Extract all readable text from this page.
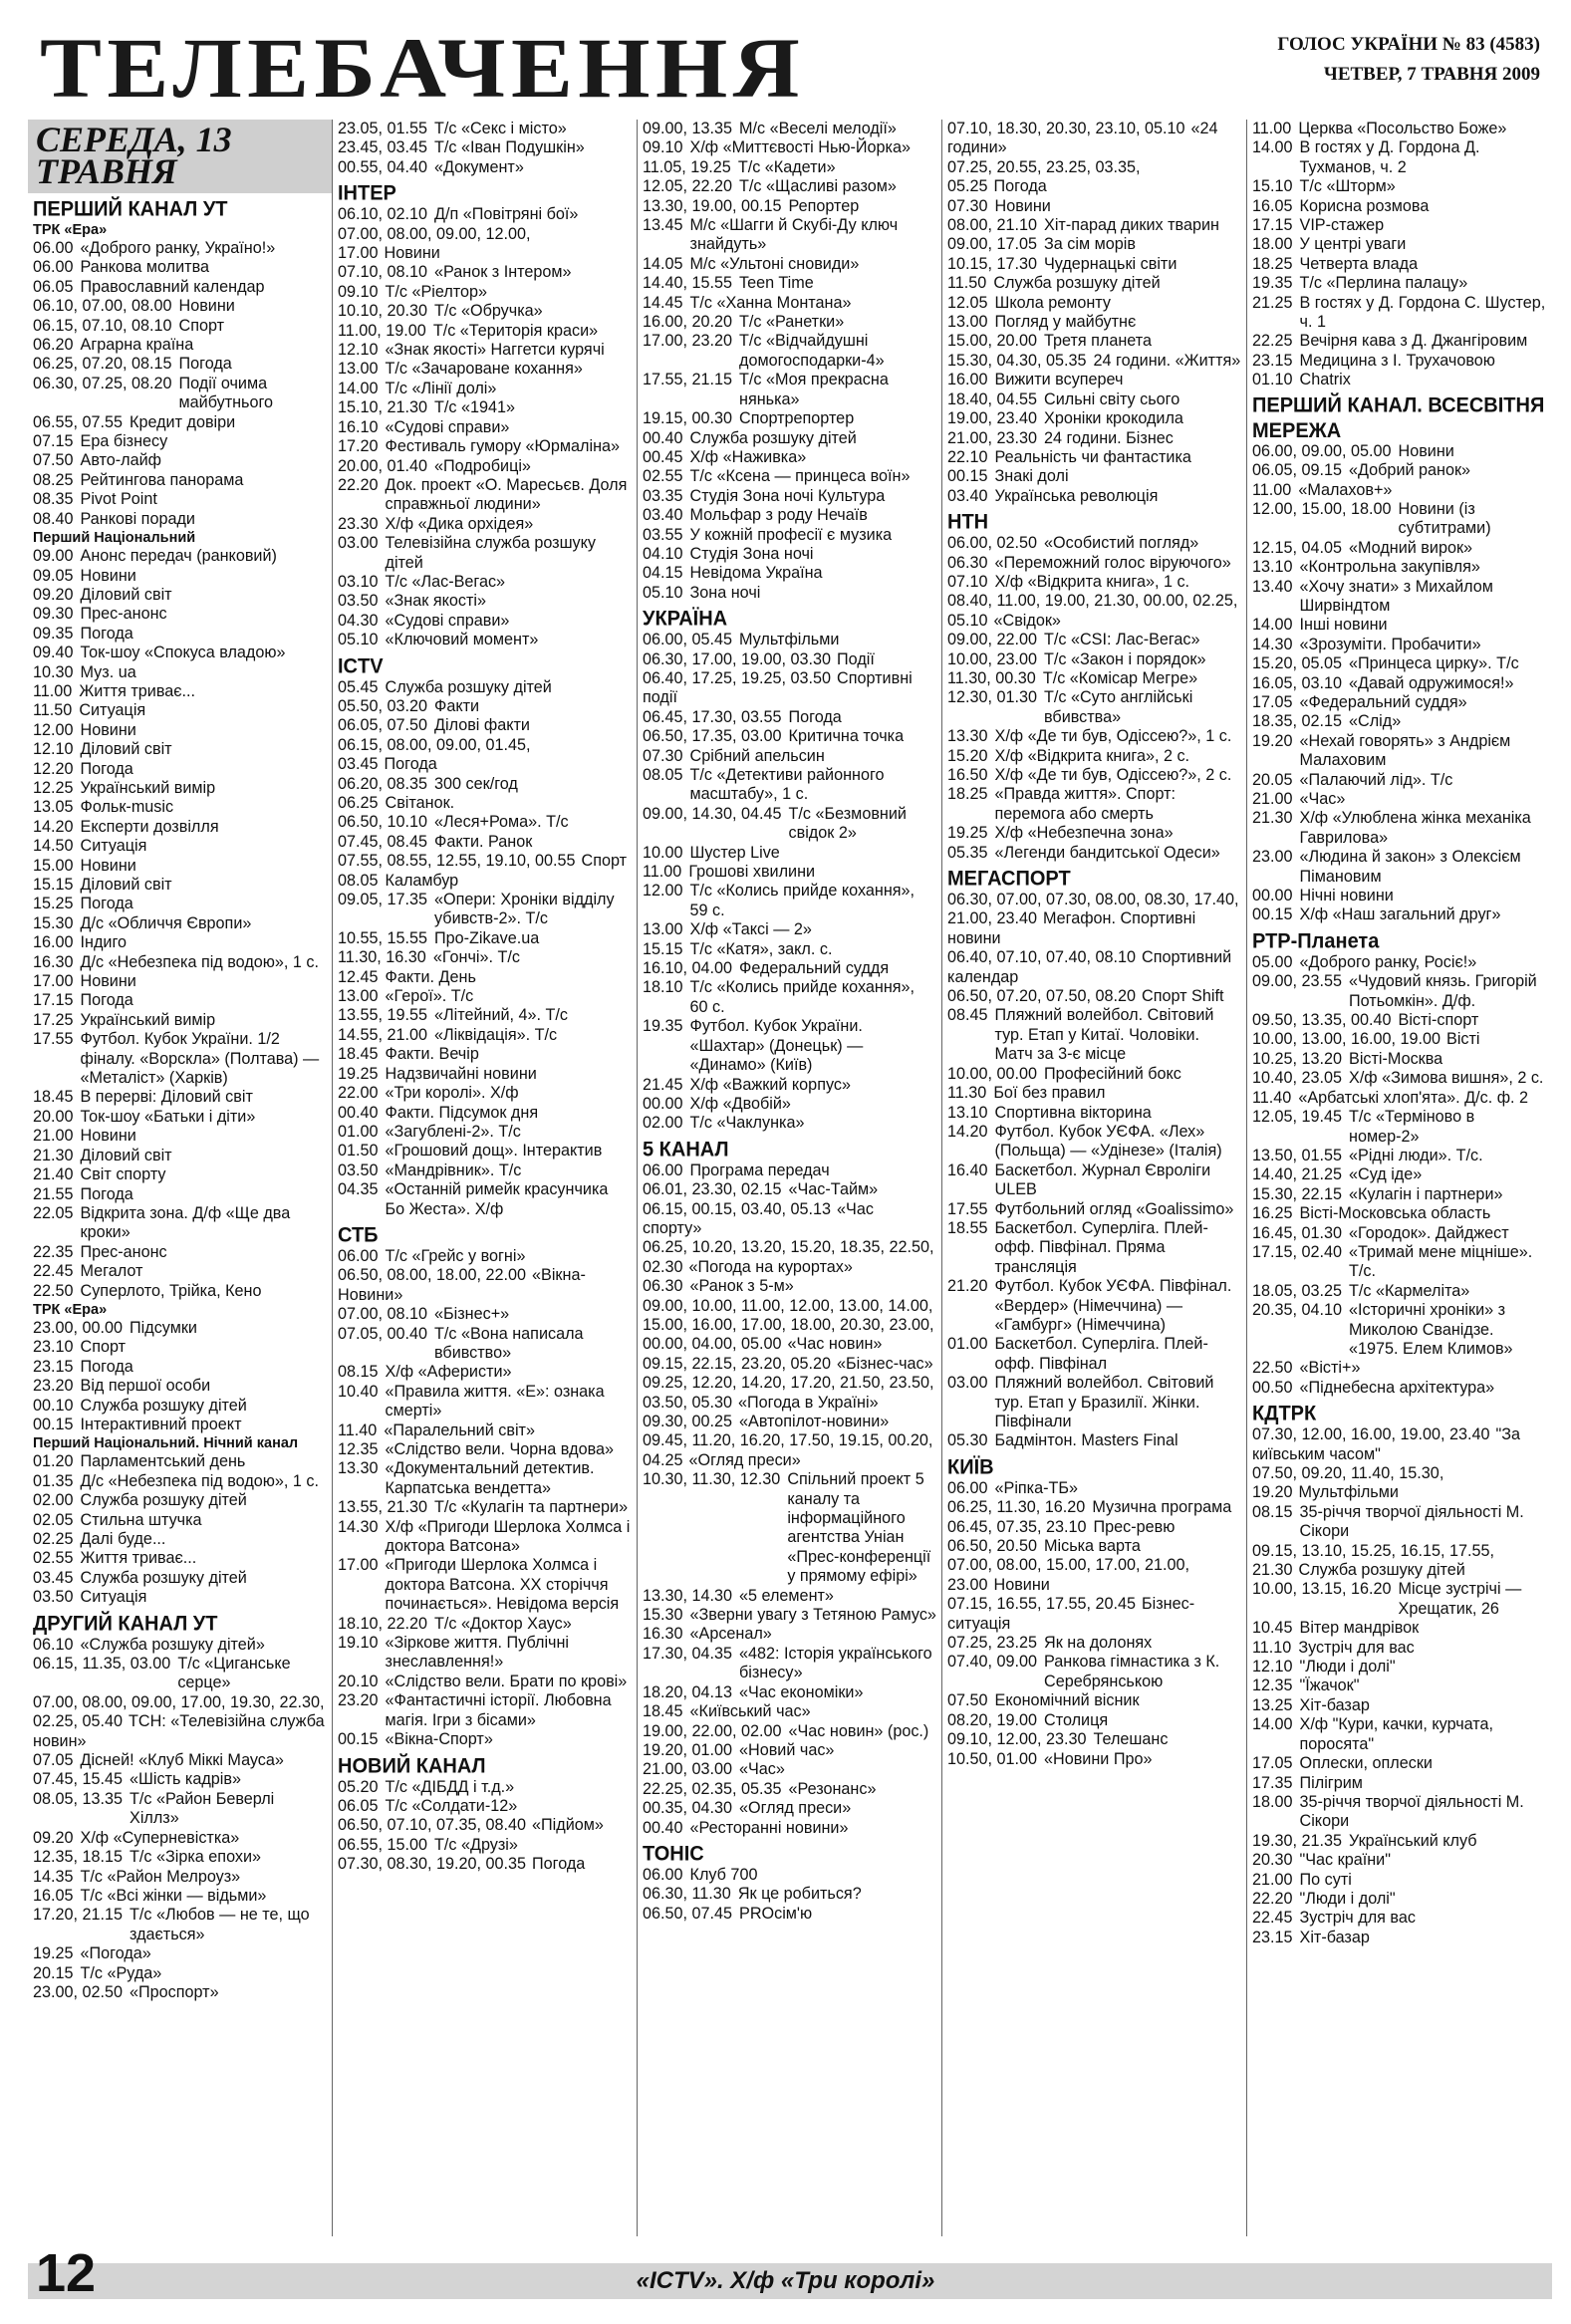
ТЕЛЕБАЧЕННЯ	ГОЛОС УКРАЇНИ № 83 (4583)
ЧЕТВЕР, 7 ТРАВНЯ 2009
СЕРЕДА, 13 ТРАВНЯ
ПЕРШИЙ КАНАЛ УТ
ТРК «Ера»
06.00 «Доброго ранку, Україно!»
06.00 Ранкова молитва
06.05 Православний календар
06.10, 07.00, 08.00 Новини
06.15, 07.10, 08.10 Спорт
06.20 Аграрна країна
06.25, 07.20, 08.15 Погода
06.30, 07.25, 08.20 Події очима майбутнього
06.55, 07.55 Кредит довіри
07.15 Ера бізнесу
07.50 Авто-лайф
08.25 Рейтингова панорама
08.35 Pivot Point
08.40 Ранкові поради
Перший Національний
09.00 Анонс передач (ранковий)
09.05 Новини
09.20 Діловий світ
09.30 Прес-анонс
09.35 Погода
09.40 Ток-шоу «Спокуса владою»
10.30 Муз. ua
11.00 Життя триває...
11.50 Ситуація
12.00 Новини
12.10 Діловий світ
12.20 Погода
12.25 Український вимір
13.05 Фольк-music
14.20 Експерти дозвілля
14.50 Ситуація
15.00 Новини
15.15 Діловий світ
15.25 Погода
15.30 Д/с «Обличчя Європи»
16.00 Індиго
16.30 Д/с «Небезпека під водою», 1 с.
17.00 Новини
17.15 Погода
17.25 Український вимір
17.55 Футбол. Кубок України. 1/2 фіналу. «Ворскла» (Полтава) — «Металіст» (Харків)
18.45 В перерві: Діловий світ
20.00 Ток-шоу «Батьки і діти»
21.00 Новини
21.30 Діловий світ
21.40 Світ спорту
21.55 Погода
22.05 Відкрита зона. Д/ф «Ще два кроки»
22.35 Прес-анонс
22.45 Мегалот
22.50 Суперлото, Трійка, Кено
ТРК «Ера»
23.00, 00.00 Підсумки
23.10 Спорт
23.15 Погода
23.20 Від першої особи
00.10 Служба розшуку дітей
00.15 Інтерактивний проект
Перший Національний. Нічний канал
01.20 Парламентський день
01.35 Д/с «Небезпека під водою», 1 с.
02.00 Служба розшуку дітей
02.05 Стильна штучка
02.25 Далі буде...
02.55 Життя триває...
03.45 Служба розшуку дітей
03.50 Ситуація
ДРУГИЙ КАНАЛ УТ
06.10 «Служба розшуку дітей»
06.15, 11.35, 03.00 Т/с «Циганське серце»
07.00, 08.00, 09.00, 17.00, 19.30, 22.30, 02.25, 05.40 ТСН: «Телевізійна служба новин»
07.05 Дісней! «Клуб Міккі Мауса»
07.45, 15.45 «Шість кадрів»
08.05, 13.35 Т/с «Район Беверлі Хіллз»
09.20 Х/ф «Суперневістка»
12.35, 18.15 Т/с «Зірка епохи»
14.35 Т/с «Район Мелроуз»
16.05 Т/с «Всі жінки — відьми»
17.20, 21.15 Т/с «Любов — не те, що здається»
19.25 «Погода»
20.15 Т/с «Руда»
23.00, 02.50 «Проспорт»
23.05, 01.55 Т/с «Секс і місто»
23.45, 03.45 Т/с «Іван Подушкін»
00.55, 04.40 «Документ»
ІНТЕР
06.10, 02.10 Д/п «Повітряні бої»
07.00, 08.00, 09.00, 12.00, 17.00 Новини
07.10, 08.10 «Ранок з Інтером»
09.10 Т/с «Ріелтор»
10.10, 20.30 Т/с «Обручка»
11.00, 19.00 Т/с «Територія краси»
12.10 «Знак якості» Наггетси курячі
13.00 Т/с «Зачароване кохання»
14.00 Т/с «Лінії долі»
15.10, 21.30 Т/с «1941»
16.10 «Судові справи»
17.20 Фестиваль гумору «Юрмаліна»
20.00, 01.40 «Подробиці»
22.20 Док. проект «О. Маресьєв. Доля справжньої людини»
23.30 Х/ф «Дика орхідея»
03.00 Телевізійна служба розшуку дітей
03.10 Т/с «Лас-Вегас»
03.50 «Знак якості»
04.30 «Судові справи»
05.10 «Ключовий момент»
ICTV
05.45 Служба розшуку дітей
05.50, 03.20 Факти
06.05, 07.50 Ділові факти
06.15, 08.00, 09.00, 01.45, 03.45 Погода
06.20, 08.35 300 сек/год
06.25 Світанок.
06.50, 10.10 «Леся+Рома». Т/с
07.45, 08.45 Факти. Ранок
07.55, 08.55, 12.55, 19.10, 00.55 Спорт
08.05 Каламбур
09.05, 17.35 «Опери: Хроніки відділу убивств-2». Т/с
10.55, 15.55 Про-Zikave.ua
11.30, 16.30 «Гончі». Т/с
12.45 Факти. День
13.00 «Герої». Т/с
13.55, 19.55 «Літейний, 4». Т/с
14.55, 21.00 «Ліквідація». Т/с
18.45 Факти. Вечір
19.25 Надзвичайні новини
22.00 «Три королі». Х/ф
00.40 Факти. Підсумок дня
01.00 «Загублені-2». Т/с
01.50 «Грошовий дощ». Інтерактив
03.50 «Мандрівник». Т/с
04.35 «Останній римейк красунчика Бо Жеста». Х/ф
СТБ
06.00 Т/с «Грейс у вогні»
06.50, 08.00, 18.00, 22.00 «Вікна-Новини»
07.00, 08.10 «Бізнес+»
07.05, 00.40 Т/с «Вона написала вбивство»
08.15 Х/ф «Аферисти»
10.40 «Правила життя. «Е»: ознака смерті»
11.40 «Паралельний світ»
12.35 «Слідство вели. Чорна вдова»
13.30 «Документальний детектив. Карпатська вендетта»
13.55, 21.30 Т/с «Кулагін та партнери»
14.30 Х/ф «Пригоди Шерлока Холмса і доктора Ватсона»
17.00 «Пригоди Шерлока Холмса і доктора Ватсона. XX сторіччя починається». Невідома версія
18.10, 22.20 Т/с «Доктор Хаус»
19.10 «Зіркове життя. Публічні знеславлення!»
20.10 «Слідство вели. Брати по крові»
23.20 «Фантастичні історії. Любовна магія. Ігри з бісами»
00.15 «Вікна-Спорт»
НОВИЙ КАНАЛ
05.20 Т/с «ДІБДД і т.д.»
06.05 Т/с «Солдати-12»
06.50, 07.10, 07.35, 08.40 «Підйом»
06.55, 15.00 Т/с «Друзі»
07.30, 08.30, 19.20, 00.35 Погода
09.00, 13.35 М/с «Веселі мелодії»
09.10 Х/ф «Миттєвості Нью-Йорка»
11.05, 19.25 Т/с «Кадети»
12.05, 22.20 Т/с «Щасливі разом»
13.30, 19.00, 00.15 Репортер
13.45 М/с «Шагги й Скубі-Ду ключ знайдуть»
14.05 М/с «Ультоні сновиди»
14.40, 15.55 Teen Time
14.45 Т/с «Ханна Монтана»
16.00, 20.20 Т/с «Ранетки»
17.00, 23.20 Т/с «Відчайдушні домогосподарки-4»
17.55, 21.15 Т/с «Моя прекрасна нянька»
19.15, 00.30 Спортрепортер
00.40 Служба розшуку дітей
00.45 Х/ф «Наживка»
02.55 Т/с «Ксена — принцеса воїн»
03.35 Студія Зона ночі Культура
03.40 Мольфар з роду Нечаїв
03.55 У кожній професії є музика
04.10 Студія Зона ночі
04.15 Невідома Україна
05.10 Зона ночі
УКРАЇНА
06.00, 05.45 Мультфільми
06.30, 17.00, 19.00, 03.30 Події
06.40, 17.25, 19.25, 03.50 Спортивні події
06.45, 17.30, 03.55 Погода
06.50, 17.35, 03.00 Критична точка
07.30 Срібний апельсин
08.05 Т/с «Детективи районного масштабу», 1 с.
09.00, 14.30, 04.45 Т/с «Безмовний свідок 2»
10.00 Шустер Live
11.00 Грошові хвилини
12.00 Т/с «Колись прийде кохання», 59 с.
13.00 Х/ф «Таксі — 2»
15.15 Т/с «Катя», закл. с.
16.10, 04.00 Федеральний суддя
18.10 Т/с «Колись прийде кохання», 60 с.
19.35 Футбол. Кубок України. «Шахтар» (Донецьк) — «Динамо» (Київ)
21.45 Х/ф «Важкий корпус»
00.00 Х/ф «Двобій»
02.00 Т/с «Чаклунка»
5 КАНАЛ
06.00 Програма передач
06.01, 23.30, 02.15 «Час-Тайм»
06.15, 00.15, 03.40, 05.13 «Час спорту»
06.25, 10.20, 13.20, 15.20, 18.35, 22.50, 02.30 «Погода на курортах»
06.30 «Ранок з 5-м»
09.00, 10.00, 11.00, 12.00, 13.00, 14.00, 15.00, 16.00, 17.00, 18.00, 20.30, 23.00, 00.00, 04.00, 05.00 «Час новин»
09.15, 22.15, 23.20, 05.20 «Бізнес-час»
09.25, 12.20, 14.20, 17.20, 21.50, 23.50, 03.50, 05.30 «Погода в Україні»
09.30, 00.25 «Автопілот-новини»
09.45, 11.20, 16.20, 17.50, 19.15, 00.20, 04.25 «Огляд преси»
10.30, 11.30, 12.30 Спільний проект 5 каналу та інформаційного агентства Уніан «Прес-конференції у прямому ефірі»
13.30, 14.30 «5 елемент»
15.30 «Зверни увагу з Тетяною Рамус»
16.30 «Арсенал»
17.30, 04.35 «482: Історія українського бізнесу»
18.20, 04.13 «Час економіки»
18.45 «Київський час»
19.00, 22.00, 02.00 «Час новин» (рос.)
19.20, 01.00 «Новий час»
21.00, 03.00 «Час»
22.25, 02.35, 05.35 «Резонанс»
00.35, 04.30 «Огляд преси»
00.40 «Ресторанні новини»
ТОНІС
06.00 Клуб 700
06.30, 11.30 Як це робиться?
06.50, 07.45 PROсім'ю
07.10, 18.30, 20.30, 23.10, 05.10 «24 години»
07.25, 20.55, 23.25, 03.35, 05.25 Погода
07.30 Новини
08.00, 21.10 Хіт-парад диких тварин
09.00, 17.05 За сім морів
10.15, 17.30 Чудернацькі світи
11.50 Служба розшуку дітей
12.05 Школа ремонту
13.00 Погляд у майбутнє
15.00, 20.00 Третя планета
15.30, 04.30, 05.35 24 години. «Життя»
16.00 Вижити всупереч
18.40, 04.55 Сильні світу сього
19.00, 23.40 Хроніки крокодила
21.00, 23.30 24 години. Бізнес
22.10 Реальність чи фантастика
00.15 Знакі долі
03.40 Українська революція
НТН
06.00, 02.50 «Особистий погляд»
06.30 «Переможний голос віруючого»
07.10 Х/ф «Відкрита книга», 1 с.
08.40, 11.00, 19.00, 21.30, 00.00, 02.25, 05.10 «Свідок»
09.00, 22.00 Т/с «CSI: Лас-Вегас»
10.00, 23.00 Т/с «Закон і порядок»
11.30, 00.30 Т/с «Комісар Мегре»
12.30, 01.30 Т/с «Суто англійські вбивства»
13.30 Х/ф «Де ти був, Одіссею?», 1 с.
15.20 Х/ф «Відкрита книга», 2 с.
16.50 Х/ф «Де ти був, Одіссею?», 2 с.
18.25 «Правда життя». Спорт: перемога або смерть
19.25 Х/ф «Небезпечна зона»
05.35 «Легенди бандитської Одеси»
МЕГАСПОРТ
06.30, 07.00, 07.30, 08.00, 08.30, 17.40, 21.00, 23.40 Мегафон. Спортивні новини
06.40, 07.10, 07.40, 08.10 Спортивний календар
06.50, 07.20, 07.50, 08.20 Спорт Shift
08.45 Пляжний волейбол. Світовий тур. Етап у Китаї. Чоловіки. Матч за 3-є місце
10.00, 00.00 Професійний бокс
11.30 Бої без правил
13.10 Спортивна вікторина
14.20 Футбол. Кубок УЄФА. «Лех» (Польща) — «Удінезе» (Італія)
16.40 Баскетбол. Журнал Євроліги ULEB
17.55 Футбольний огляд «Goalissimo»
18.55 Баскетбол. Суперліга. Плей-офф. Півфінал. Пряма трансляція
21.20 Футбол. Кубок УЄФА. Півфінал. «Вердер» (Німеччина) — «Гамбург» (Німеччина)
01.00 Баскетбол. Суперліга. Плей-офф. Півфінал
03.00 Пляжний волейбол. Світовий тур. Етап у Бразилії. Жінки. Півфінали
05.30 Бадмінтон. Masters Final
КИЇВ
06.00 «Ріпка-ТБ»
06.25, 11.30, 16.20 Музична програма
06.45, 07.35, 23.10 Прес-ревю
06.50, 20.50 Міська варта
07.00, 08.00, 15.00, 17.00, 21.00, 23.00 Новини
07.15, 16.55, 17.55, 20.45 Бізнес-ситуація
07.25, 23.25 Як на долонях
07.40, 09.00 Ранкова гімнастика з К. Серебрянською
07.50 Економічний вісник
08.20, 19.00 Столиця
09.10, 12.00, 23.30 Телешанс
10.50, 01.00 «Новини Про»
11.00 Церква «Посольство Боже»
14.00 В гостях у Д. Гордона Д. Тухманов, ч. 2
15.10 Т/с «Шторм»
16.05 Корисна розмова
17.15 VIP-стажер
18.00 У центрі уваги
18.25 Четверта влада
19.35 Т/с «Перлина палацу»
21.25 В гостях у Д. Гордона С. Шустер, ч. 1
22.25 Вечірня кава з Д. Джангіровим
23.15 Медицина з І. Трухачовою
01.10 Chatrix
ПЕРШИЙ КАНАЛ. ВСЕСВІТНЯ МЕРЕЖА
06.00, 09.00, 05.00 Новини
06.05, 09.15 «Добрий ранок»
11.00 «Малахов+»
12.00, 15.00, 18.00 Новини (із субтитрами)
12.15, 04.05 «Модний вирок»
13.10 «Контрольна закупівля»
13.40 «Хочу знати» з Михайлом Ширвіндтом
14.00 Інші новини
14.30 «Зрозуміти. Пробачити»
15.20, 05.05 «Принцеса цирку». Т/с
16.05, 03.10 «Давай одружимося!»
17.05 «Федеральний суддя»
18.35, 02.15 «Слід»
19.20 «Нехай говорять» з Андрієм Малаховим
20.05 «Палаючий лід». Т/с
21.00 «Час»
21.30 Х/ф «Улюблена жінка механіка Гаврилова»
23.00 «Людина й закон» з Олексієм Пімановим
00.00 Нічні новини
00.15 Х/ф «Наш загальний друг»
РТР-Планета
05.00 «Доброго ранку, Росіє!»
09.00, 23.55 «Чудовий князь. Григорій Потьомкін». Д/ф.
09.50, 13.35, 00.40 Вісті-спорт
10.00, 13.00, 16.00, 19.00 Вісті
10.25, 13.20 Вісті-Москва
10.40, 23.05 Х/ф «Зимова вишня», 2 с.
11.40 «Арбатські хлоп'ята». Д/с. ф. 2
12.05, 19.45 Т/с «Терміново в номер-2»
13.50, 01.55 «Рідні люди». Т/с.
14.40, 21.25 «Суд іде»
15.30, 22.15 «Кулагін і партнери»
16.25 Вісті-Московська область
16.45, 01.30 «Городок». Дайджест
17.15, 02.40 «Тримай мене міцніше». Т/с.
18.05, 03.25 Т/с «Кармеліта»
20.35, 04.10 «Історичні хроніки» з Миколою Сванідзе. «1975. Елем Климов»
22.50 «Вісті+»
00.50 «Піднебесна архітектура»
КДТРК
07.30, 12.00, 16.00, 19.00, 23.40 "За київським часом"
07.50, 09.20, 11.40, 15.30, 19.20 Мультфільми
08.15 35-річчя творчої діяльності М. Сікори
09.15, 13.10, 15.25, 16.15, 17.55, 21.30 Служба розшуку дітей
10.00, 13.15, 16.20 Місце зустрічі — Хрещатик, 26
10.45 Вітер мандрівок
11.10 Зустріч для вас
12.10 "Люди і долі"
12.35 "Їжачок"
13.25 Хіт-базар
14.00 Х/ф "Кури, качки, курчата, поросята"
17.05 Оплески, оплески
17.35 Пілігрим
18.00 35-річчя творчої діяльності М. Сікори
19.30, 21.35 Український клуб
20.30 "Час країни"
21.00 По суті
22.20 "Люди і долі"
22.45 Зустріч для вас
23.15 Хіт-базар
12	«ICTV». Х/ф «Три королі»
